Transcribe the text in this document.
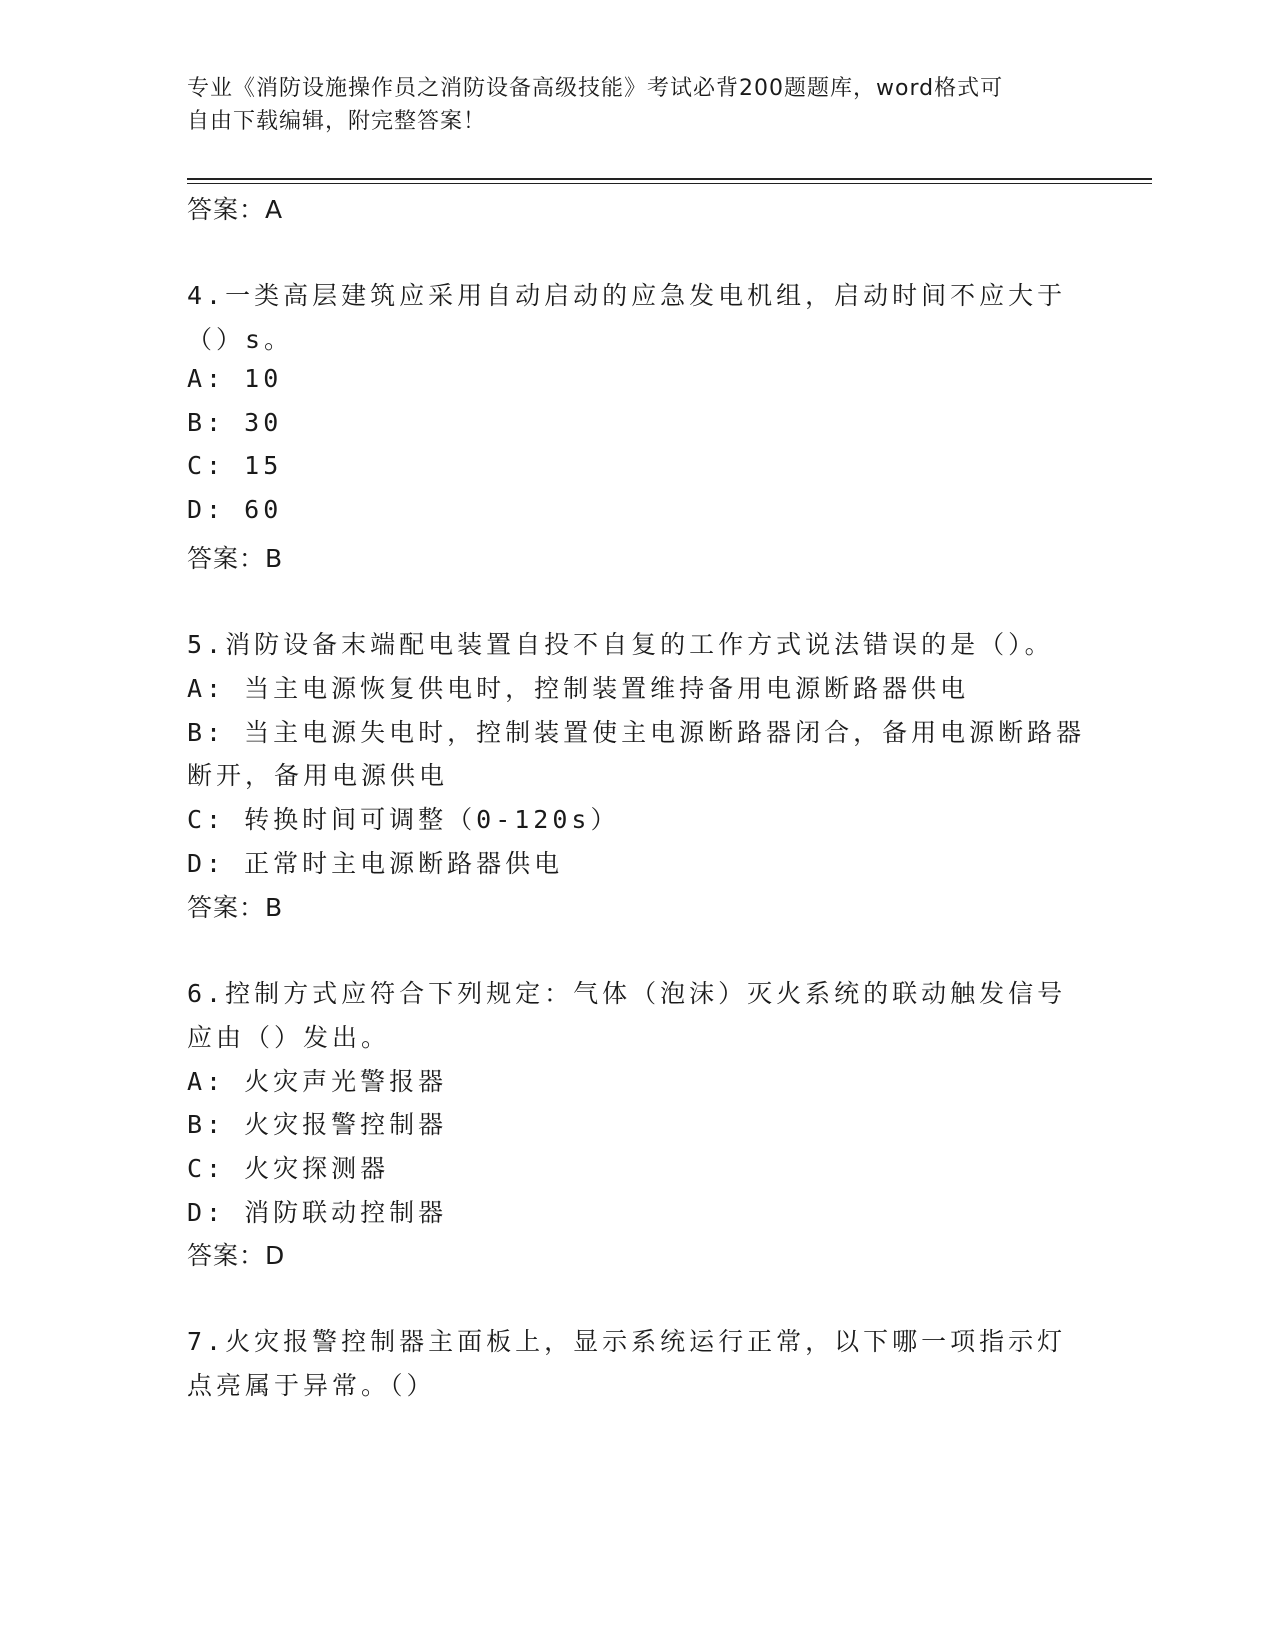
专业《消防设施操作员之消防设备高级技能》考试必背200题题库，word格式可
自由下载编辑，附完整答案！
答案：A
4.一类高层建筑应采用自动启动的应急发电机组，启动时间不应大于
（）s。
A: 10
B: 30
C: 15
D: 60
答案：B
5.消防设备末端配电装置自投不自复的工作方式说法错误的是（）。
A: 当主电源恢复供电时，控制装置维持备用电源断路器供电
B: 当主电源失电时，控制装置使主电源断路器闭合，备用电源断路器
断开，备用电源供电
C: 转换时间可调整（0-120s）
D: 正常时主电源断路器供电
答案：B
6.控制方式应符合下列规定：气体（泡沫）灭火系统的联动触发信号
应由（）发出。
A: 火灾声光警报器
B: 火灾报警控制器
C: 火灾探测器
D: 消防联动控制器
答案：D
7.火灾报警控制器主面板上，显示系统运行正常，以下哪一项指示灯
点亮属于异常。（）
